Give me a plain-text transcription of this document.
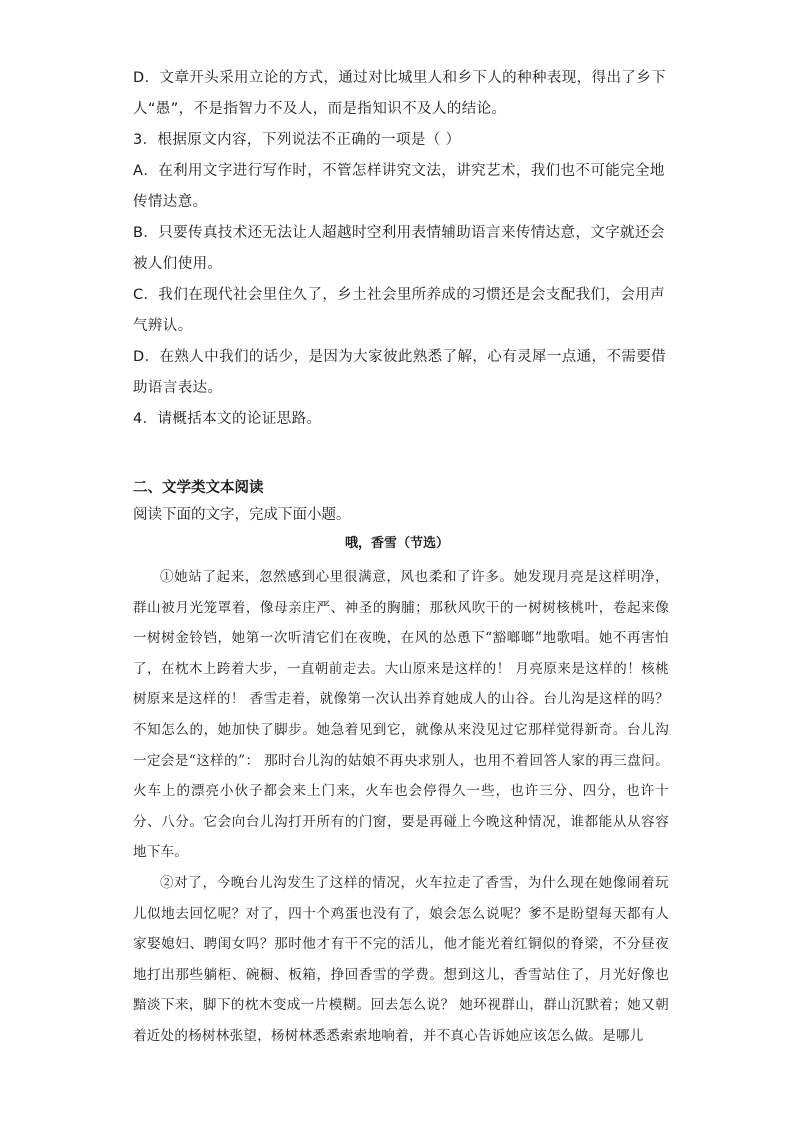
D．文章开头采用立论的方式，通过对比城里人和乡下人的种种表现，得出了乡下人“愚”，不是指智力不及人，而是指知识不及人的结论。

3．根据原文内容，下列说法不正确的一项是（ ）

A．在利用文字进行写作时，不管怎样讲究文法，讲究艺术，我们也不可能完全地传情达意。

B．只要传真技术还无法让人超越时空利用表情辅助语言来传情达意，文字就还会被人们使用。

C．我们在现代社会里住久了，乡土社会里所养成的习惯还是会支配我们，会用声气辨认。

D．在熟人中我们的话少，是因为大家彼此熟悉了解，心有灵犀一点通，不需要借助语言表达。

4．请概括本文的论证思路。

二、文学类文本阅读

阅读下面的文字，完成下面小题。

哦，香雪（节选）

①她站了起来，忽然感到心里很满意，风也柔和了许多。她发现月亮是这样明净，群山被月光笼罩着，像母亲庄严、神圣的胸脯；那秋风吹干的一树树核桃叶，卷起来像一树树金铃铛，她第一次听清它们在夜晚，在风的怂恿下“豁啷啷”地歌唱。她不再害怕了，在枕木上跨着大步，一直朝前走去。大山原来是这样的！ 月亮原来是这样的！核桃树原来是这样的！ 香雪走着，就像第一次认出养育她成人的山谷。台儿沟是这样的吗？不知怎么的，她加快了脚步。她急着见到它，就像从来没见过它那样觉得新奇。台儿沟一定会是“这样的”： 那时台儿沟的姑娘不再央求别人，也用不着回答人家的再三盘问。火车上的漂亮小伙子都会来上门来，火车也会停得久一些，也许三分、四分，也许十分、八分。它会向台儿沟打开所有的门窗，要是再碰上今晚这种情况，谁都能从从容容地下车。

②对了，今晚台儿沟发生了这样的情况，火车拉走了香雪，为什么现在她像闹着玩儿似地去回忆呢？对了，四十个鸡蛋也没有了，娘会怎么说呢？爹不是盼望每天都有人家娶媳妇、聘闺女吗？那时他才有干不完的活儿，他才能光着红铜似的脊梁，不分昼夜地打出那些躺柜、碗橱、板箱，挣回香雪的学费。想到这儿，香雪站住了，月光好像也黯淡下来，脚下的枕木变成一片模糊。回去怎么说？ 她环视群山，群山沉默着；她又朝着近处的杨树林张望，杨树林悉悉索索地响着，并不真心告诉她应该怎么做。是哪儿
